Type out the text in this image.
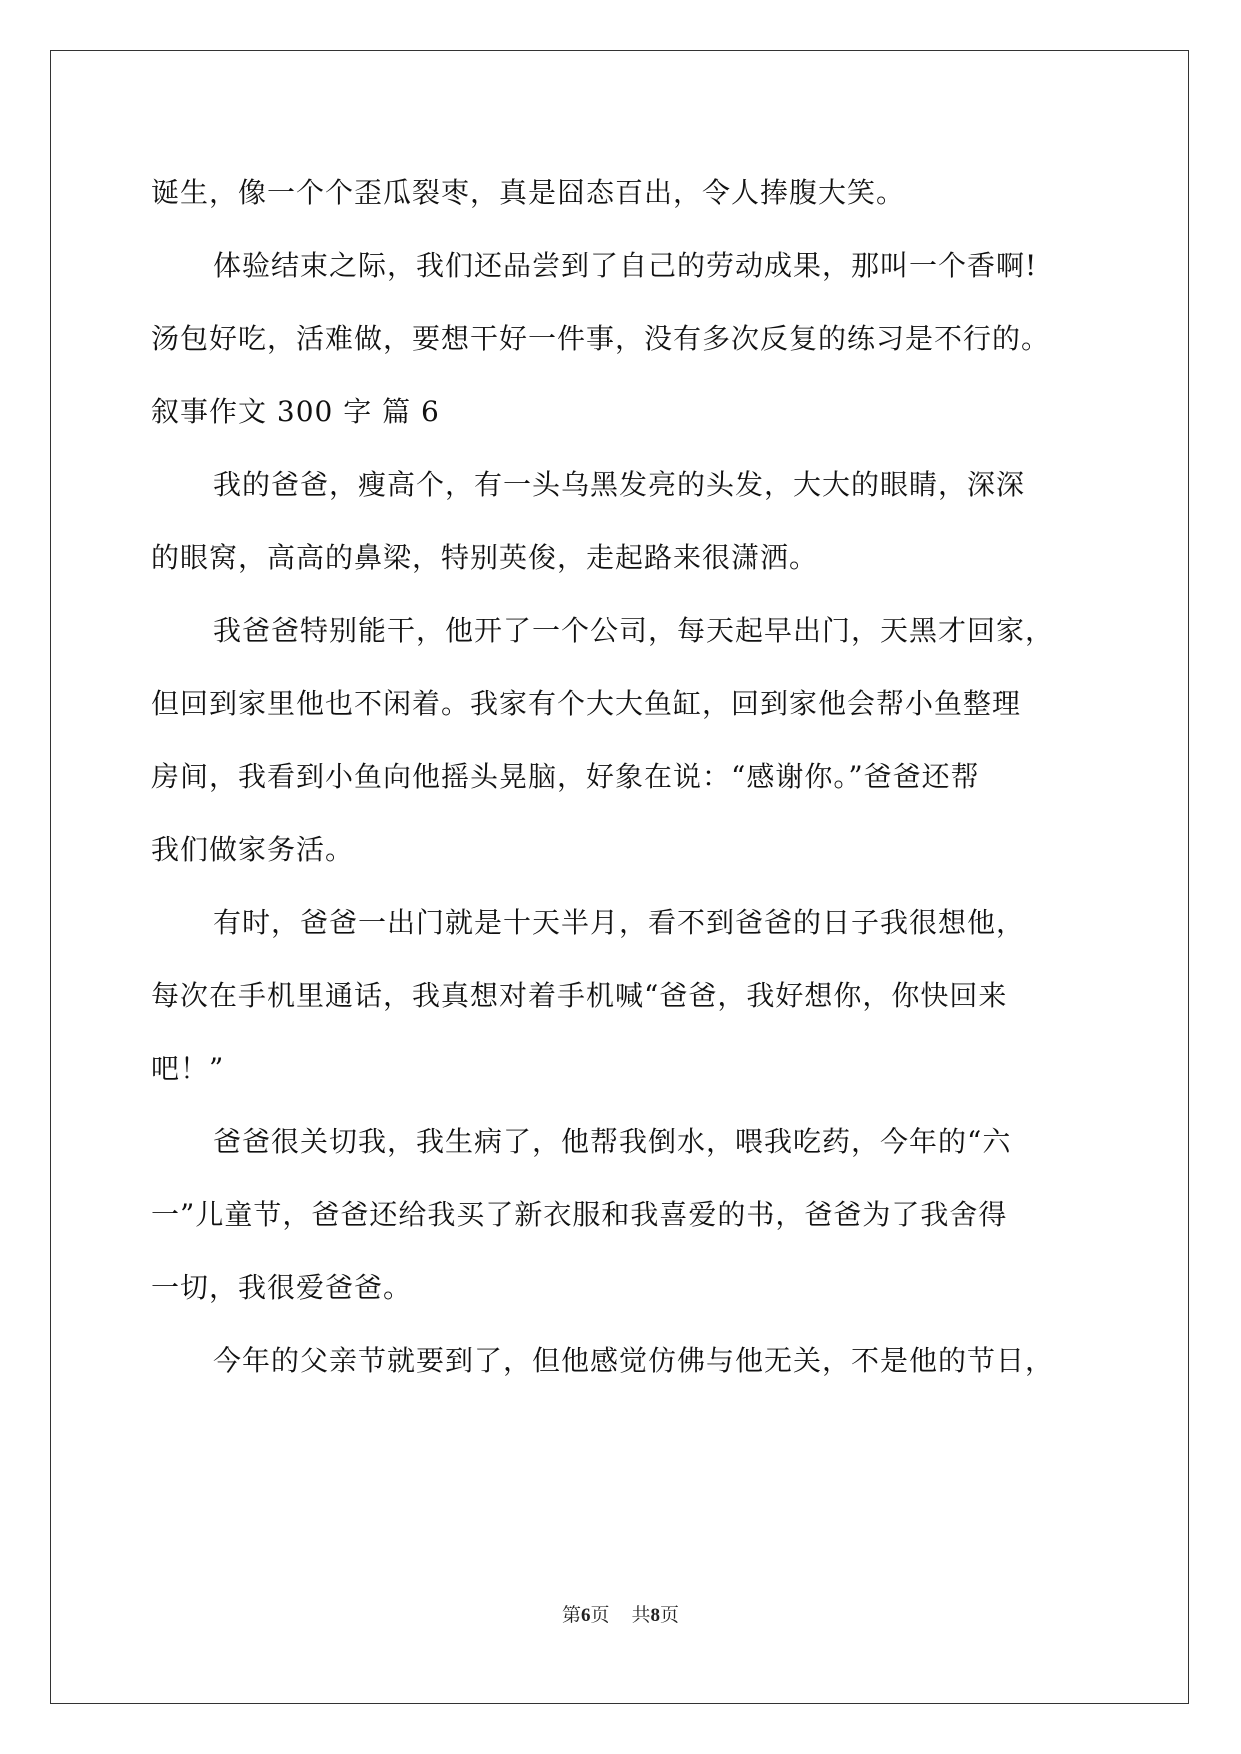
诞生，像一个个歪瓜裂枣，真是囧态百出，令人捧腹大笑。
体验结束之际，我们还品尝到了自己的劳动成果，那叫一个香啊!
汤包好吃，活难做，要想干好一件事，没有多次反复的练习是不行的。
叙事作文 300 字 篇 6
我的爸爸，瘦高个，有一头乌黑发亮的头发，大大的眼睛，深深
的眼窝，高高的鼻梁，特别英俊，走起路来很潇洒。
我爸爸特别能干，他开了一个公司，每天起早出门，天黑才回家，
但回到家里他也不闲着。我家有个大大鱼缸，回到家他会帮小鱼整理
房间，我看到小鱼向他摇头晃脑，好象在说：“感谢你。”爸爸还帮
我们做家务活。
有时，爸爸一出门就是十天半月，看不到爸爸的日子我很想他，
每次在手机里通话，我真想对着手机喊“爸爸，我好想你，你快回来
吧！”
爸爸很关切我，我生病了，他帮我倒水，喂我吃药，今年的“六
一”儿童节，爸爸还给我买了新衣服和我喜爱的书，爸爸为了我舍得
一切，我很爱爸爸。
今年的父亲节就要到了，但他感觉仿佛与他无关，不是他的节日，
第6页 共8页
